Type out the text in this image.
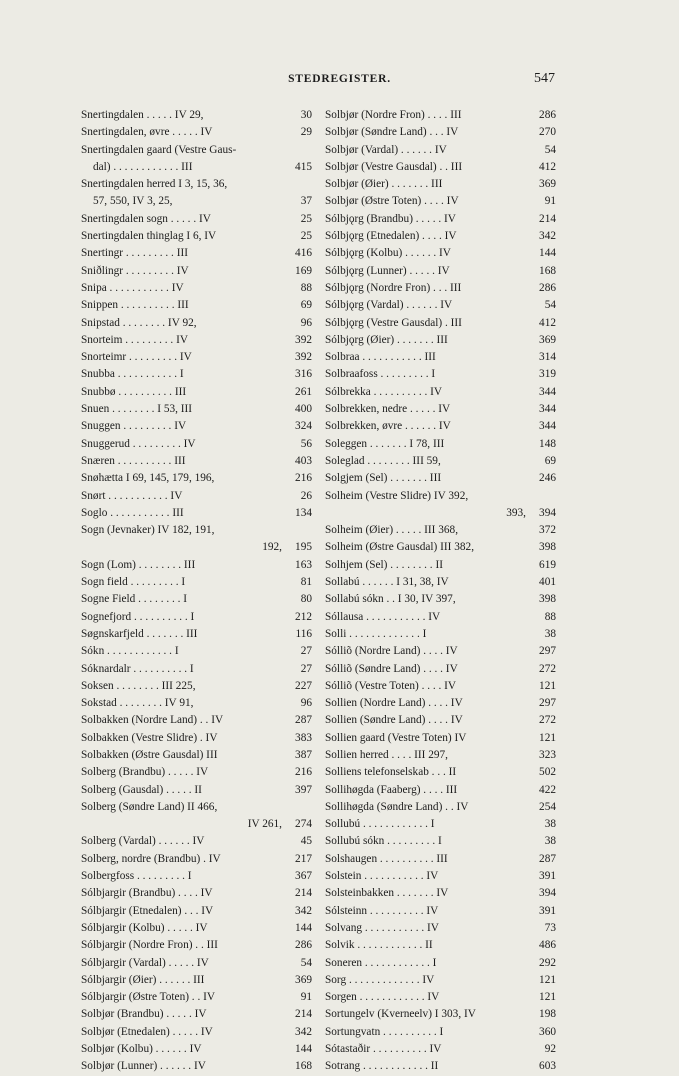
STEDREGISTER.	547
Snertingdalen . . . . . IV 29,	30
Snertingdalen, øvre . . . . . IV	29
Snertingdalen gaard (Vestre Gaus-
dal) . . . . . . . . . . . . III	415
Snertingdalen herred I 3, 15, 36,
57, 550, IV 3, 25,	37
Snertingdalen sogn . . . . . IV	25
Snertingdalen thinglag I 6, IV	25
Snertingr . . . . . . . . . III	416
Sniðlingr . . . . . . . . . IV	169
Snipa . . . . . . . . . . . IV	88
Snippen . . . . . . . . . . III	69
Snipstad . . . . . . . . IV 92,	96
Snorteim . . . . . . . . . IV	392
Snorteimr . . . . . . . . . IV	392
Snubba . . . . . . . . . . . I	316
Snubbø . . . . . . . . . . III	261
Snuen . . . . . . . . I 53, III	400
Snuggen . . . . . . . . . IV	324
Snuggerud . . . . . . . . . IV	56
Snæren . . . . . . . . . . III	403
Snøhætta I 69, 145, 179, 196,	216
Snørt . . . . . . . . . . . IV	26
Soglo . . . . . . . . . . . III	134
Sogn (Jevnaker) IV 182, 191,
192, 195
Sogn (Lom) . . . . . . . . III	163
Sogn field . . . . . . . . . I	81
Sogne Field . . . . . . . . I	80
Sognefjord . . . . . . . . . . I	212
Søgnskarfjeld . . . . . . . III	116
Sókn . . . . . . . . . . . . I	27
Sóknardalr . . . . . . . . . . I	27
Soksen . . . . . . . . III 225,	227
Sokstad . . . . . . . . IV 91,	96
Solbakken (Nordre Land) . . IV	287
Solbakken (Vestre Slidre) . IV	383
Solbakken (Østre Gausdal) III	387
Solberg (Brandbu) . . . . . IV	216
Solberg (Gausdal) . . . . . II	397
Solberg (Søndre Land) II 466,
IV 261, 274
Solberg (Vardal) . . . . . . IV	45
Solberg, nordre (Brandbu) . IV	217
Solbergfoss . . . . . . . . . I	367
Sólbjargir (Brandbu) . . . . IV	214
Sólbjargir (Etnedalen) . . . IV	342
Sólbjargir (Kolbu) . . . . . IV	144
Sólbjargir (Nordre Fron) . . III	286
Sólbjargir (Vardal) . . . . . IV	54
Sólbjargir (Øier) . . . . . . III	369
Sólbjargir (Østre Toten) . . IV	91
Solbjør (Brandbu) . . . . . IV	214
Solbjør (Etnedalen) . . . . . IV	342
Solbjør (Kolbu) . . . . . . IV	144
Solbjør (Lunner) . . . . . . IV	168
Solbjør (Nordre Fron) . . . . III	286
Solbjør (Søndre Land) . . . IV	270
Solbjør (Vardal) . . . . . . IV	54
Solbjør (Vestre Gausdal) . . III	412
Solbjør (Øier) . . . . . . . III	369
Solbjør (Østre Toten) . . . . IV	91
Sólbjǫrg (Brandbu) . . . . . IV	214
Sólbjǫrg (Etnedalen) . . . . IV	342
Sólbjǫrg (Kolbu) . . . . . . IV	144
Sólbjǫrg (Lunner) . . . . . IV	168
Sólbjǫrg (Nordre Fron) . . . III	286
Sólbjǫrg (Vardal) . . . . . . IV	54
Sólbjǫrg (Vestre Gausdal) . III	412
Sólbjǫrg (Øier) . . . . . . . III	369
Solbraa . . . . . . . . . . . III	314
Solbraafoss . . . . . . . . . I	319
Sólbrekka . . . . . . . . . . IV	344
Solbrekken, nedre . . . . . IV	344
Solbrekken, øvre . . . . . . IV	344
Soleggen . . . . . . . I 78, III	148
Soleglad . . . . . . . . III 59,	69
Solgjem (Sel) . . . . . . . III	246
Solheim (Vestre Slidre) IV 392,
393, 394
Solheim (Øier) . . . . . III 368,	372
Solheim (Østre Gausdal) III 382,	398
Solhjem (Sel) . . . . . . . . II	619
Sollabú . . . . . . I 31, 38, IV	401
Sollabú sókn . . I 30, IV 397,	398
Sóllausa . . . . . . . . . . . IV	88
Solli . . . . . . . . . . . . . I	38
Sólliõ (Nordre Land) . . . . IV	297
Sólliõ (Søndre Land) . . . . IV	272
Sólliõ (Vestre Toten) . . . . IV	121
Sollien (Nordre Land) . . . . IV	297
Sollien (Søndre Land) . . . . IV	272
Sollien gaard (Vestre Toten) IV	121
Sollien herred . . . . III 297,	323
Solliens telefonselskab . . . II	502
Sollihøgda (Faaberg) . . . . III	422
Sollihøgda (Søndre Land) . . IV	254
Sollubú . . . . . . . . . . . . I	38
Sollubú sókn . . . . . . . . . I	38
Solshaugen . . . . . . . . . . III	287
Solstein . . . . . . . . . . . IV	391
Solsteinbakken . . . . . . . IV	394
Sólsteinn . . . . . . . . . . IV	391
Solvang . . . . . . . . . . . IV	73
Solvik . . . . . . . . . . . . II	486
Soneren . . . . . . . . . . . . I	292
Sorg . . . . . . . . . . . . . IV	121
Sorgen . . . . . . . . . . . . IV	121
Sortungelv (Kverneelv) I 303, IV	198
Sortungvatn . . . . . . . . . . I	360
Sótastaðir . . . . . . . . . . IV	92
Sotrang . . . . . . . . . . . . II	603
